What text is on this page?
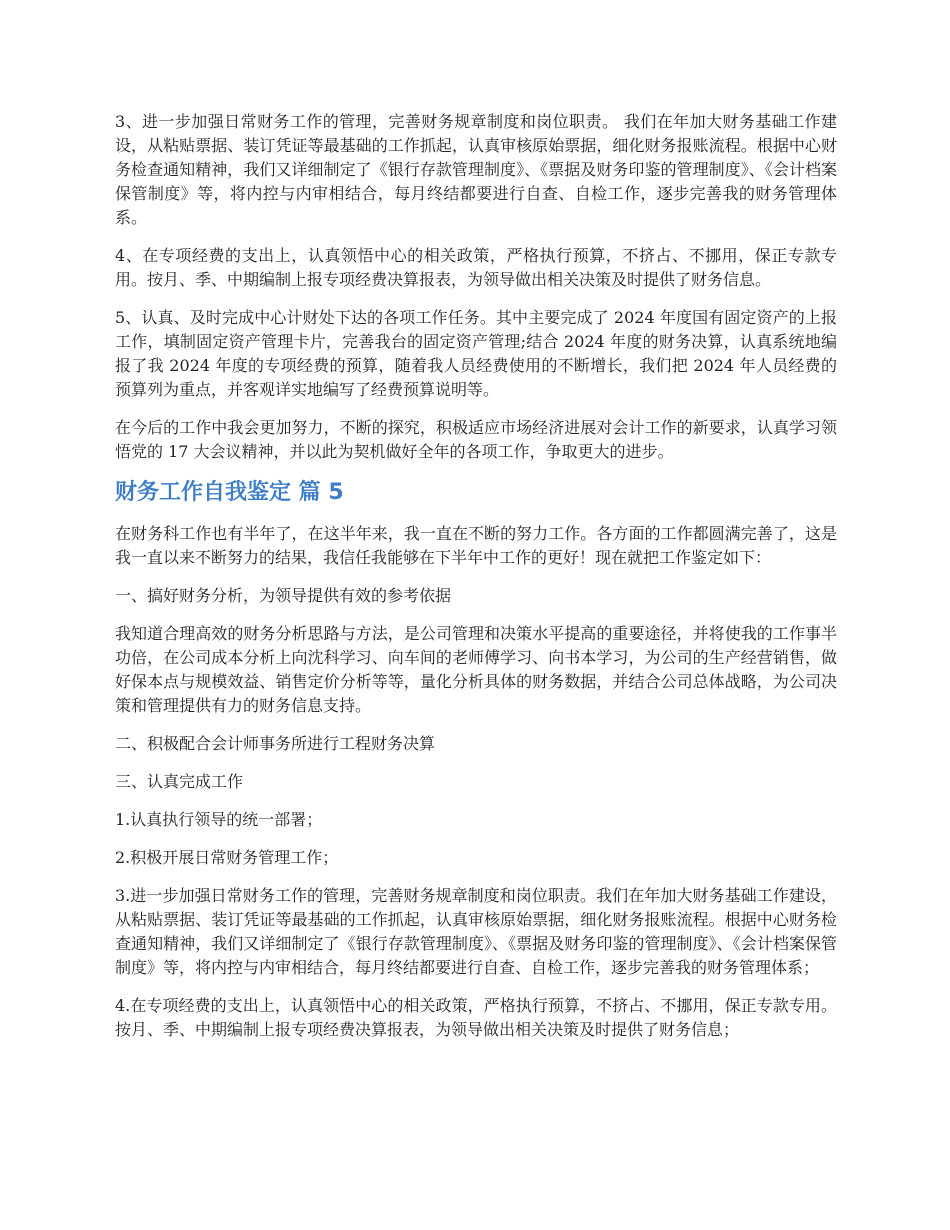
3、进一步加强日常财务工作的管理，完善财务规章制度和岗位职责。 我们在年加大财务基础工作建设，从粘贴票据、装订凭证等最基础的工作抓起，认真审核原始票据，细化财务报账流程。根据中心财务检查通知精神，我们又详细制定了《银行存款管理制度》、《票据及财务印鉴的管理制度》、《会计档案保管制度》等，将内控与内审相结合，每月终结都要进行自查、自检工作，逐步完善我的财务管理体系。

4、在专项经费的支出上，认真领悟中心的相关政策，严格执行预算，不挤占、不挪用，保正专款专用。按月、季、中期编制上报专项经费决算报表，为领导做出相关决策及时提供了财务信息。

5、认真、及时完成中心计财处下达的各项工作任务。其中主要完成了 2024 年度国有固定资产的上报工作，填制固定资产管理卡片，完善我台的固定资产管理;结合 2024 年度的财务决算，认真系统地编报了我 2024 年度的专项经费的预算，随着我人员经费使用的不断增长，我们把 2024 年人员经费的预算列为重点，并客观详实地编写了经费预算说明等。

在今后的工作中我会更加努力，不断的探究，积极适应市场经济进展对会计工作的新要求，认真学习领悟党的 17 大会议精神，并以此为契机做好全年的各项工作，争取更大的进步。

财务工作自我鉴定 篇 5

在财务科工作也有半年了，在这半年来，我一直在不断的努力工作。各方面的工作都圆满完善了，这是我一直以来不断努力的结果，我信任我能够在下半年中工作的更好！现在就把工作鉴定如下：

一、搞好财务分析，为领导提供有效的参考依据

我知道合理高效的财务分析思路与方法，是公司管理和决策水平提高的重要途径，并将使我的工作事半功倍，在公司成本分析上向沈科学习、向车间的老师傅学习、向书本学习，为公司的生产经营销售，做好保本点与规模效益、销售定价分析等等，量化分析具体的财务数据，并结合公司总体战略，为公司决策和管理提供有力的财务信息支持。

二、积极配合会计师事务所进行工程财务决算

三、认真完成工作

1.认真执行领导的统一部署；

2.积极开展日常财务管理工作；

3.进一步加强日常财务工作的管理，完善财务规章制度和岗位职责。我们在年加大财务基础工作建设，从粘贴票据、装订凭证等最基础的工作抓起，认真审核原始票据，细化财务报账流程。根据中心财务检查通知精神，我们又详细制定了《银行存款管理制度》、《票据及财务印鉴的管理制度》、《会计档案保管制度》等，将内控与内审相结合，每月终结都要进行自查、自检工作，逐步完善我的财务管理体系；

4.在专项经费的支出上，认真领悟中心的相关政策，严格执行预算，不挤占、不挪用，保正专款专用。按月、季、中期编制上报专项经费决算报表，为领导做出相关决策及时提供了财务信息；
